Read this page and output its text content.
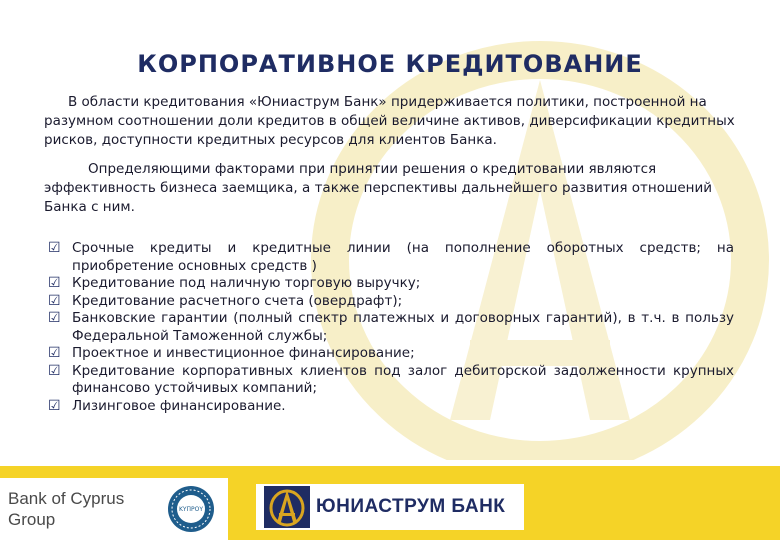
КОРПОРАТИВНОЕ КРЕДИТОВАНИЕ

В области кредитования «Юниаструм Банк» придерживается политики, построенной на разумном соотношении доли кредитов в общей величине активов, диверсификации кредитных рисков, доступности кредитных ресурсов для клиентов Банка.

Определяющими факторами при принятии решения о кредитовании являются эффективность бизнеса заемщика, а также перспективы дальнейшего развития отношений Банка с ним.

☑ Срочные кредиты и кредитные линии (на пополнение оборотных средств; на приобретение основных средств )
☑ Кредитование под наличную торговую выручку;
☑ Кредитование расчетного счета (овердрафт);
☑ Банковские гарантии (полный спектр платежных и договорных гарантий), в т.ч. в пользу Федеральной Таможенной службы;
☑ Проектное и инвестиционное финансирование;
☑ Кредитование корпоративных клиентов под залог дебиторской задолженности крупных финансово устойчивых компаний;
☑ Лизинговое финансирование.
Bank of Cyprus
Group
ΚΥΠΡΟΥ	ЮНИАСТРУМ БАНК
